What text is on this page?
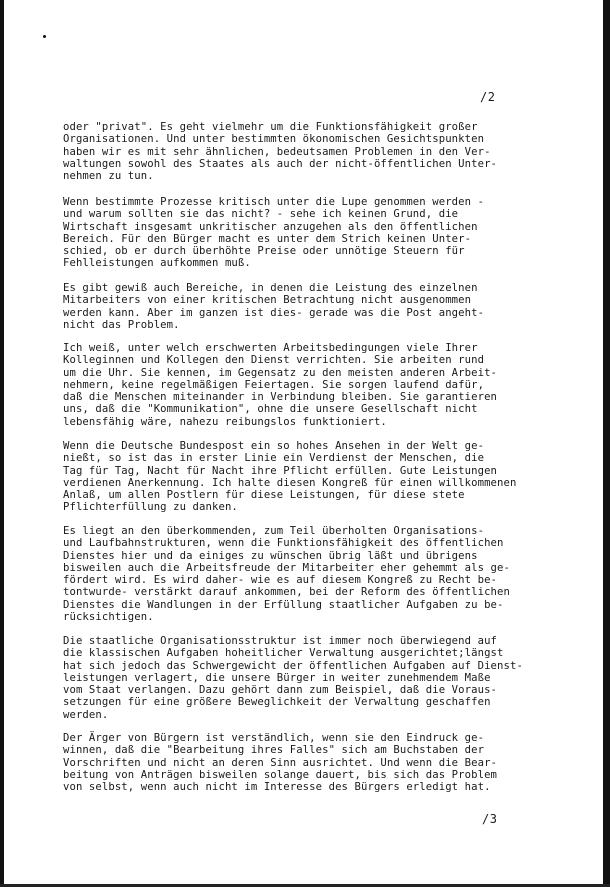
/2
oder "privat". Es geht vielmehr um die Funktionsfähigkeit großer
Organisationen. Und unter bestimmten ökonomischen Gesichtspunkten
haben wir es mit sehr ähnlichen, bedeutsamen Problemen in den Ver-
waltungen sowohl des Staates als auch der nicht-öffentlichen Unter-
nehmen zu tun.
Wenn bestimmte Prozesse kritisch unter die Lupe genommen werden -
und warum sollten sie das nicht? - sehe ich keinen Grund, die
Wirtschaft insgesamt unkritischer anzugehen als den öffentlichen
Bereich. Für den Bürger macht es unter dem Strich keinen Unter-
schied, ob er durch überhöhte Preise oder unnötige Steuern für
Fehlleistungen aufkommen muß.
Es gibt gewiß auch Bereiche, in denen die Leistung des einzelnen
Mitarbeiters von einer kritischen Betrachtung nicht ausgenommen
werden kann. Aber im ganzen ist dies- gerade was die Post angeht-
nicht das Problem.
Ich weiß, unter welch erschwerten Arbeitsbedingungen viele Ihrer
Kolleginnen und Kollegen den Dienst verrichten. Sie arbeiten rund
um die Uhr. Sie kennen, im Gegensatz zu den meisten anderen Arbeit-
nehmern, keine regelmäßigen Feiertagen. Sie sorgen laufend dafür,
daß die Menschen miteinander in Verbindung bleiben. Sie garantieren
uns, daß die "Kommunikation", ohne die unsere Gesellschaft nicht
lebensfähig wäre, nahezu reibungslos funktioniert.
Wenn die Deutsche Bundespost ein so hohes Ansehen in der Welt ge-
nießt, so ist das in erster Linie ein Verdienst der Menschen, die
Tag für Tag, Nacht für Nacht ihre Pflicht erfüllen. Gute Leistungen
verdienen Anerkennung. Ich halte diesen Kongreß für einen willkommenen
Anlaß, um allen Postlern für diese Leistungen, für diese stete
Pflichterfüllung zu danken.
Es liegt an den überkommenden, zum Teil überholten Organisations-
und Laufbahnstrukturen, wenn die Funktionsfähigkeit des öffentlichen
Dienstes hier und da einiges zu wünschen übrig läßt und übrigens
bisweilen auch die Arbeitsfreude der Mitarbeiter eher gehemmt als ge-
fördert wird. Es wird daher- wie es auf diesem Kongreß zu Recht be-
tontwurde- verstärkt darauf ankommen, bei der Reform des öffentlichen
Dienstes die Wandlungen in der Erfüllung staatlicher Aufgaben zu be-
rücksichtigen.
Die staatliche Organisationsstruktur ist immer noch überwiegend auf
die klassischen Aufgaben hoheitlicher Verwaltung ausgerichtet;längst
hat sich jedoch das Schwergewicht der öffentlichen Aufgaben auf Dienst-
leistungen verlagert, die unsere Bürger in weiter zunehmendem Maße
vom Staat verlangen. Dazu gehört dann zum Beispiel, daß die Voraus-
setzungen für eine größere Beweglichkeit der Verwaltung geschaffen
werden.
Der Ärger von Bürgern ist verständlich, wenn sie den Eindruck ge-
winnen, daß die "Bearbeitung ihres Falles" sich am Buchstaben der
Vorschriften und nicht an deren Sinn ausrichtet. Und wenn die Bear-
beitung von Anträgen bisweilen solange dauert, bis sich das Problem
von selbst, wenn auch nicht im Interesse des Bürgers erledigt hat.
/3
